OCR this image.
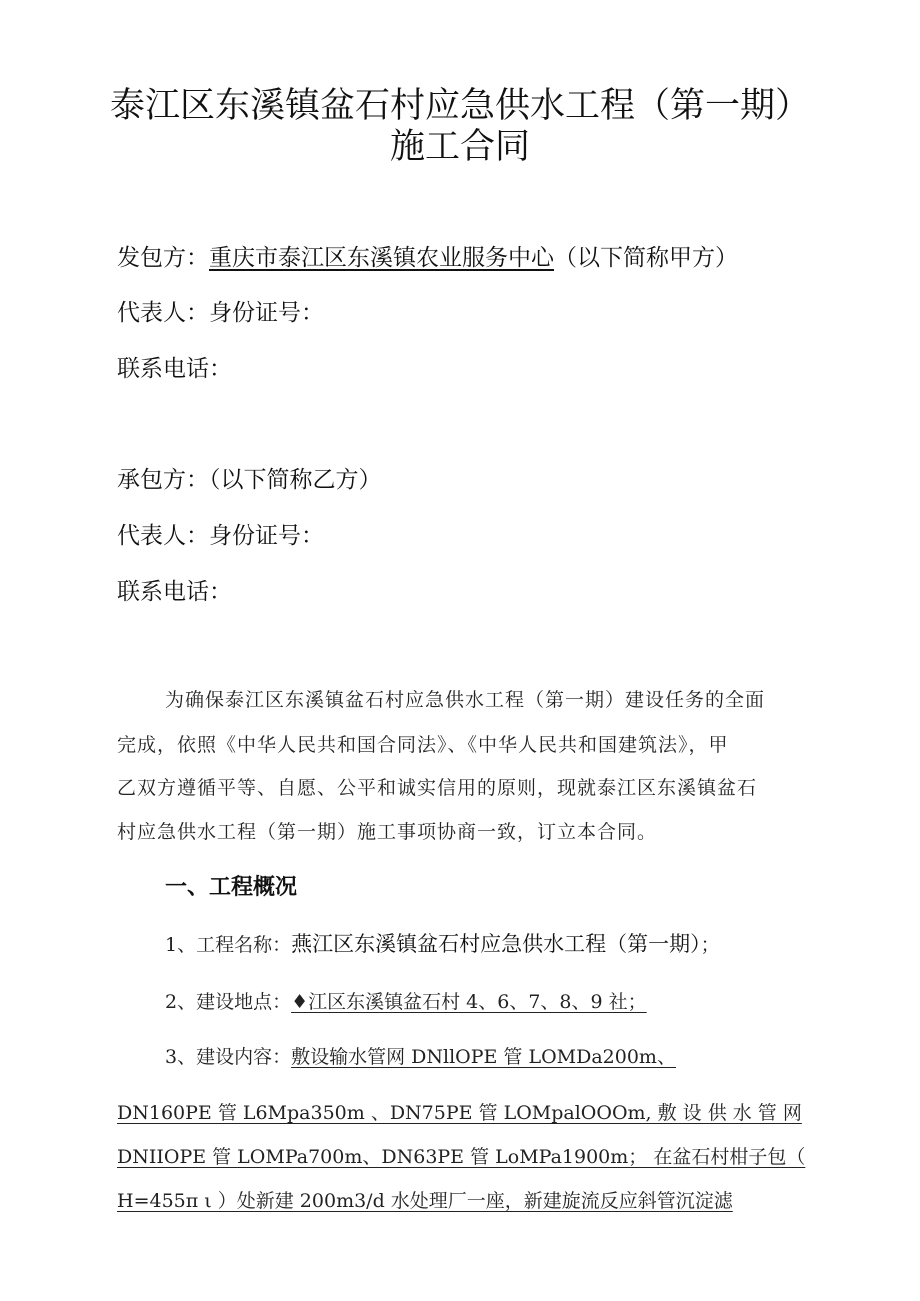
泰江区东溪镇盆石村应急供水工程（第一期）
施工合同
发包方：重庆市泰江区东溪镇农业服务中心（以下简称甲方）
代表人：身份证号：
联系电话：
承包方：（以下简称乙方）
代表人：身份证号：
联系电话：
为确保泰江区东溪镇盆石村应急供水工程（第一期）建设任务的全面
完成，依照《中华人民共和国合同法》、《中华人民共和国建筑法》，甲
乙双方遵循平等、自愿、公平和诚实信用的原则，现就泰江区东溪镇盆石
村应急供水工程（第一期）施工事项协商一致，订立本合同。
一、工程概况
1、工程名称：燕江区东溪镇盆石村应急供水工程（第一期）；
2、建设地点：♦江区东溪镇盆石村 4、6、7、8、9 社；
3、建设内容：敷设输水管网 DNllOPE 管 LOMDa200m、
DN160PE 管 L6Mpa350m 、DN75PE 管 LOMpalOOOm, 敷 设 供 水 管 网
DNIIOPE 管 LOMPa700m、DN63PE 管 LoMPa1900m； 在盆石村柑子包（
H=455π ι ）处新建 200m3/d 水处理厂一座，新建旋流反应斜管沉淀滤
